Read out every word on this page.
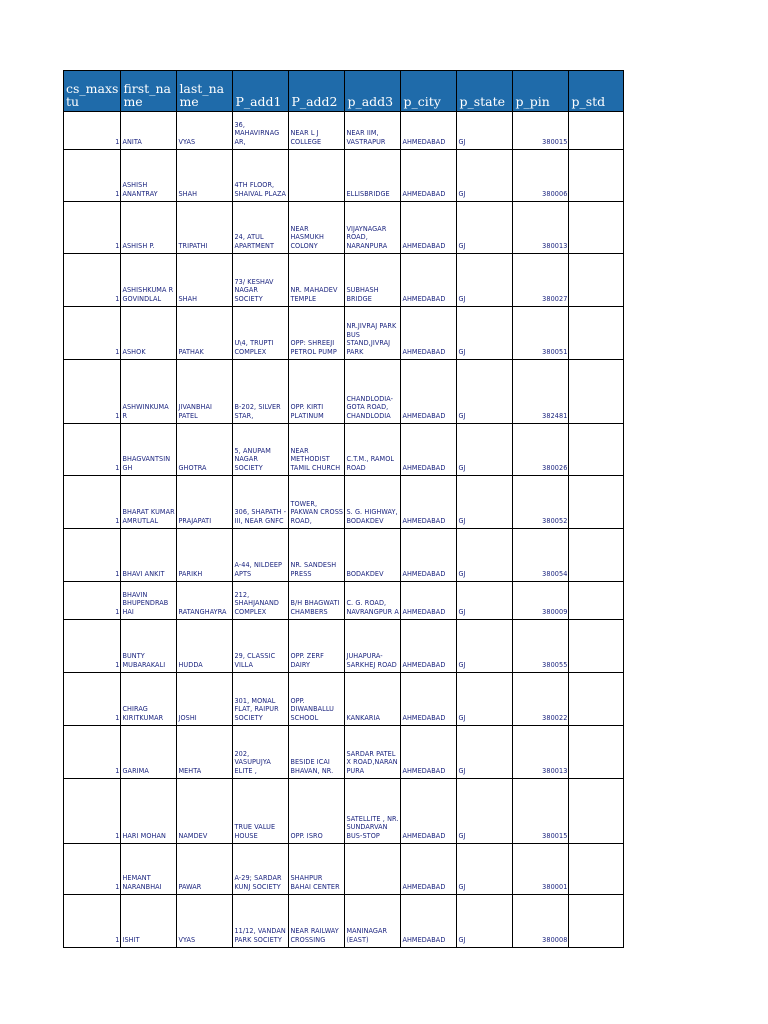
cs_maxs tu	first_na me	last_na me	P_add1	P_add2	p_add3	p_city	p_state	p_pin	p_std

1	ANITA	VYAS	36, MAHAVIRNAG AR,	NEAR L J COLLEGE	NEAR IIM, VASTRAPUR	AHMEDABAD	GJ	380015	

1	ASHISH ANANTRAY	SHAH	4TH FLOOR, SHAIVAL PLAZA		ELLISBRIDGE	AHMEDABAD	GJ	380006	

1	ASHISH P.	TRIPATHI	24, ATUL APARTMENT	NEAR HASMUKH COLONY	VIJAYNAGAR ROAD, NARANPURA	AHMEDABAD	GJ	380013	

1	ASHISHKUMA R GOVINDLAL	SHAH	73/ KESHAV NAGAR SOCIETY	NR. MAHADEV TEMPLE	SUBHASH BRIDGE	AHMEDABAD	GJ	380027	

1	ASHOK	PATHAK	U\4, TRUPTI COMPLEX	OPP: SHREEJI PETROL PUMP	NR.JIVRAJ PARK BUS STAND,JIVRAJ PARK	AHMEDABAD	GJ	380051	

1	ASHWINKUMA R	JIVANBHAI PATEL	B-202, SILVER STAR,	OPP. KIRTI PLATINUM	CHANDLODIA- GOTA ROAD, CHANDLODIA	AHMEDABAD	GJ	382481	

1	BHAGVANTSIN GH	GHOTRA	5, ANUPAM NAGAR SOCIETY	NEAR METHODIST TAMIL CHURCH	C.T.M., RAMOL ROAD	AHMEDABAD	GJ	380026	

1	BHARAT KUMAR AMRUTLAL	PRAJAPATI	306, SHAPATH - III, NEAR GNFC	TOWER, PAKWAN CROSS ROAD,	S. G. HIGHWAY, BODAKDEV	AHMEDABAD	GJ	380052	

1	BHAVI ANKIT	PARIKH	A-44, NILDEEP APTS	NR. SANDESH PRESS	BODAKDEV	AHMEDABAD	GJ	380054	

1	BHAVIN BHUPENDRAB HAI	RATANGHAYRA	212, SHAHJANAND COMPLEX	B/H BHAGWATI CHAMBERS	C. G. ROAD, NAVRANGPUR A	AHMEDABAD	GJ	380009	

1	BUNTY MUBARAKALI	HUDDA	29, CLASSIC VILLA	OPP. ZERF DAIRY	JUHAPURA- SARKHEJ ROAD	AHMEDABAD	GJ	380055	

1	CHIRAG KIRITKUMAR	JOSHI	301, MONAL FLAT, RAIPUR SOCIETY	OPP. DIWANBALLU SCHOOL	KANKARIA	AHMEDABAD	GJ	380022	

1	GARIMA	MEHTA	202, VASUPUJYA ELITE ,	BESIDE ICAI BHAVAN, NR.	SARDAR PATEL X ROAD,NARAN PURA	AHMEDABAD	GJ	380013	

1	HARI MOHAN	NAMDEV	TRUE VALUE HOUSE	OPP. ISRO	SATELLITE , NR. SUNDARVAN BUS-STOP	AHMEDABAD	GJ	380015	

1	HEMANT NARANBHAI	PAWAR	A-29; SARDAR KUNJ SOCIETY	SHAHPUR BAHAI CENTER		AHMEDABAD	GJ	380001	

1	ISHIT	VYAS	11/12, VANDAN PARK SOCIETY	NEAR RAILWAY CROSSING	MANINAGAR (EAST)	AHMEDABAD	GJ	380008	
